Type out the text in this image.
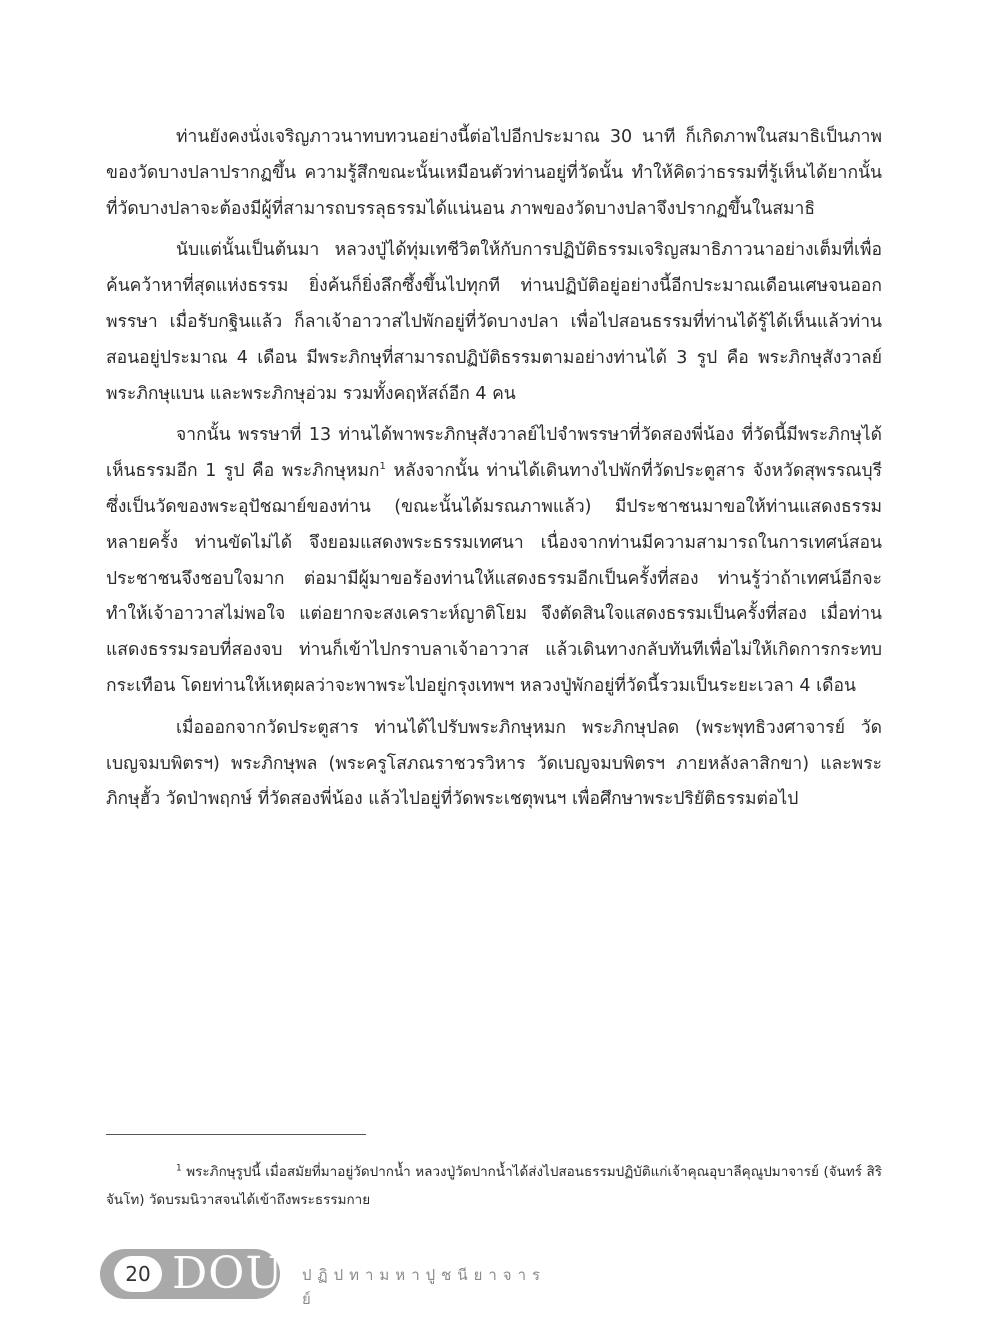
ท่านยังคงนั่งเจริญภาวนาทบทวนอย่างนี้ต่อไปอีกประมาณ 30 นาที ก็เกิดภาพในสมาธิเป็นภาพของวัดบางปลาปรากฏขึ้น ความรู้สึกขณะนั้นเหมือนตัวท่านอยู่ที่วัดนั้น ทำให้คิดว่าธรรมที่รู้เห็นได้ยากนั้น ที่วัดบางปลาจะต้องมีผู้ที่สามารถบรรลุธรรมได้แน่นอน ภาพของวัดบางปลาจึงปรากฏขึ้นในสมาธิ

นับแต่นั้นเป็นต้นมา หลวงปู่ได้ทุ่มเทชีวิตให้กับการปฏิบัติธรรมเจริญสมาธิภาวนาอย่างเต็มที่เพื่อค้นคว้าหาที่สุดแห่งธรรม ยิ่งค้นก็ยิ่งลึกซึ้งขึ้นไปทุกที ท่านปฏิบัติอยู่อย่างนี้อีกประมาณเดือนเศษจนออกพรรษา เมื่อรับกฐินแล้ว ก็ลาเจ้าอาวาสไปพักอยู่ที่วัดบางปลา เพื่อไปสอนธรรมที่ท่านได้รู้ได้เห็นแล้วท่านสอนอยู่ประมาณ 4 เดือน มีพระภิกษุที่สามารถปฏิบัติธรรมตามอย่างท่านได้ 3 รูป คือ พระภิกษุสังวาลย์ พระภิกษุแบน และพระภิกษุอ่วม รวมทั้งคฤหัสถ์อีก 4 คน

จากนั้น พรรษาที่ 13 ท่านได้พาพระภิกษุสังวาลย์ไปจำพรรษาที่วัดสองพี่น้อง ที่วัดนี้มีพระภิกษุได้เห็นธรรมอีก 1 รูป คือ พระภิกษุหมก$^1$ หลังจากนั้น ท่านได้เดินทางไปพักที่วัดประตูสาร จังหวัดสุพรรณบุรี ซึ่งเป็นวัดของพระอุปัชฌาย์ของท่าน (ขณะนั้นได้มรณภาพแล้ว) มีประชาชนมาขอให้ท่านแสดงธรรมหลายครั้ง ท่านขัดไม่ได้ จึงยอมแสดงพระธรรมเทศนา เนื่องจากท่านมีความสามารถในการเทศน์สอน ประชาชนจึงชอบใจมาก ต่อมามีผู้มาขอร้องท่านให้แสดงธรรมอีกเป็นครั้งที่สอง ท่านรู้ว่าถ้าเทศน์อีกจะทำให้เจ้าอาวาสไม่พอใจ แต่อยากจะสงเคราะห์ญาติโยม จึงตัดสินใจแสดงธรรมเป็นครั้งที่สอง เมื่อท่านแสดงธรรมรอบที่สองจบ ท่านก็เข้าไปกราบลาเจ้าอาวาส แล้วเดินทางกลับทันทีเพื่อไม่ให้เกิดการกระทบกระเทือน โดยท่านให้เหตุผลว่าจะพาพระไปอยู่กรุงเทพฯ หลวงปู่พักอยู่ที่วัดนี้รวมเป็นระยะเวลา 4 เดือน

เมื่อออกจากวัดประตูสาร ท่านได้ไปรับพระภิกษุหมก พระภิกษุปลด (พระพุทธิวงศาจารย์ วัดเบญจมบพิตรฯ) พระภิกษุพล (พระครูโสภณราชวรวิหาร วัดเบญจมบพิตรฯ ภายหลังลาสิกขา) และพระภิกษุฮั้ว วัดป่าพฤกษ์ ที่วัดสองพี่น้อง แล้วไปอยู่ที่วัดพระเชตุพนฯ เพื่อศึกษาพระปริยัติธรรมต่อไป

$^1$ พระภิกษุรูปนี้ เมื่อสมัยที่มาอยู่วัดปากน้ำ หลวงปู่วัดปากน้ำได้ส่งไปสอนธรรมปฏิบัติแก่เจ้าคุณอุบาลีคุณูปมาจารย์ (จันทร์ สิริจันโท) วัดบรมนิวาสจนได้เข้าถึงพระธรรมกาย

20 DOU ปฏิปทามหาปูชนียาจารย์
